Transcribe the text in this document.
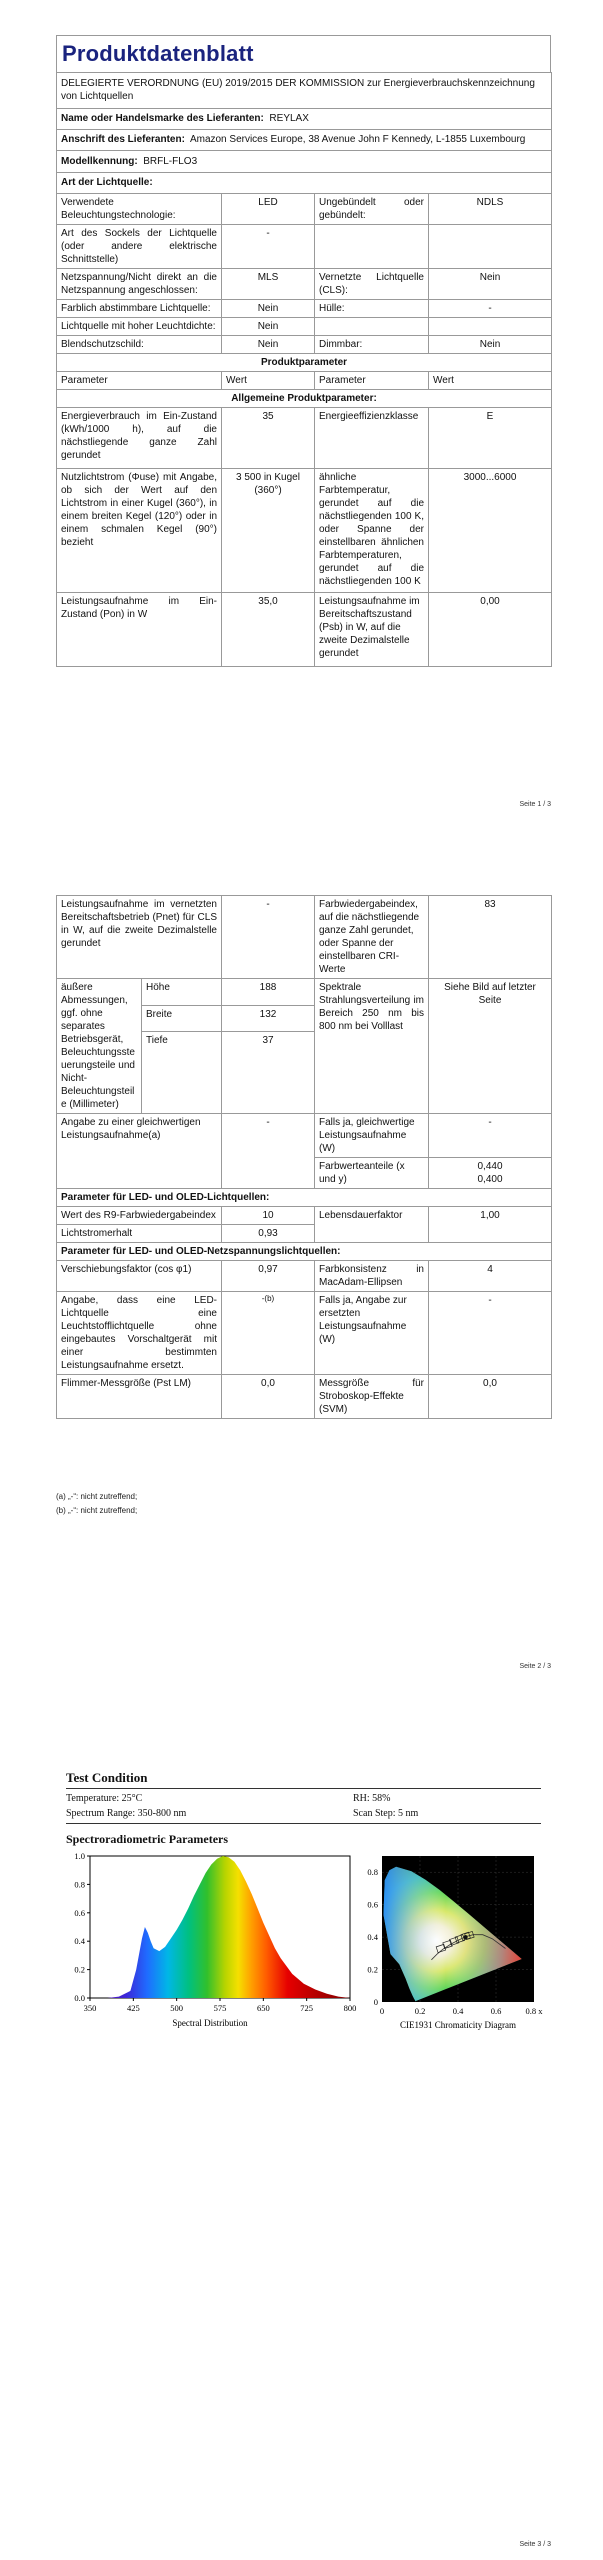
Produktdatenblatt
DELEGIERTE VERORDNUNG (EU) 2019/2015 DER KOMMISSION zur Energieverbrauchskennzeichnung von Lichtquellen			
Name oder Handelsmarke des Lieferanten: REYLAX			
Anschrift des Lieferanten: Amazon Services Europe, 38 Avenue John F Kennedy, L-1855 Luxembourg			
Modellkennung: BRFL-FLO3			
Art der Lichtquelle:			
Verwendete Beleuchtungstechnologie:	LED	Ungebündelt oder gebündelt:	NDLS
Art des Sockels der Lichtquelle (oder andere elektrische Schnittstelle)	-		
Netzspannung/Nicht direkt an die Netzspannung angeschlossen:	MLS	Vernetzte Lichtquelle (CLS):	Nein
Farblich abstimmbare Lichtquelle:	Nein	Hülle:	-
Lichtquelle mit hoher Leuchtdichte:	Nein		
Blendschutzschild:	Nein	Dimmbar:	Nein
Produktparameter			
Parameter	Wert	Parameter	Wert
Allgemeine Produktparameter:			
Energieverbrauch im Ein-Zustand (kWh/1000 h), auf die nächstliegende ganze Zahl gerundet	35	Energieeffizienzklasse	E
Nutzlichtstrom (Φuse) mit Angabe, ob sich der Wert auf den Lichtstrom in einer Kugel (360°), in einem breiten Kegel (120°) oder in einem schmalen Kegel (90°) bezieht	3 500 in Kugel (360°)	ähnliche Farbtemperatur, gerundet auf die nächstliegenden 100 K, oder Spanne der einstellbaren ähnlichen Farbtemperaturen, gerundet auf die nächstliegenden 100 K	3000...6000
Leistungsaufnahme im Ein-Zustand (Pon) in W	35,0	Leistungsaufnahme im Bereitschaftszustand (Psb) in W, auf die zweite Dezimalstelle gerundet	0,00
Seite 1 / 3
Leistungsaufnahme im vernetzten Bereitschaftsbetrieb (Pnet) für CLS in W, auf die zweite Dezimalstelle gerundet		-	Farbwiedergabeindex, auf die nächstliegende ganze Zahl gerundet, oder Spanne der einstellbaren CRI-Werte	83
äußere Abmessungen, ggf. ohne separates Betriebsgerät, Beleuchtungssteuerungsteile und Nicht-Beleuchtungsteile (Millimeter)	Höhe	188	Spektrale Strahlungsverteilung im Bereich 250 nm bis 800 nm bei Volllast	Siehe Bild auf letzter Seite
	Breite	132		
	Tiefe	37		
Angabe zu einer gleichwertigen Leistungsaufnahme(a)		-	Falls ja, gleichwertige Leistungsaufnahme (W)	-
			Farbwerteanteile (x und y)	0,440
0,400

Parameter für LED- und OLED-Lichtquellen:				
Wert des R9-Farbwiedergabeindex		10	Lebensdauerfaktor	1,00
Lichtstromerhalt		0,93		
Parameter für LED- und OLED-Netzspannungslichtquellen:				
Verschiebungsfaktor (cos φ1)		0,97	Farbkonsistenz in MacAdam-Ellipsen	4
Angabe, dass eine LED-Lichtquelle eine Leuchtstofflichtquelle ohne eingebautes Vorschaltgerät mit einer bestimmten Leistungsaufnahme ersetzt.		-(b)	Falls ja, Angabe zur ersetzten Leistungsaufnahme (W)	-
Flimmer-Messgröße (Pst LM)		0,0	Messgröße für Stroboskop-Effekte (SVM)	0,0
(a) „-“: nicht zutreffend;
(b) „-“: nicht zutreffend;
Seite 2 / 3
Test Condition
Temperature: 25°C	RH: 58%
Spectrum Range: 350-800 nm	Scan Step: 5 nm
Spectroradiometric Parameters
350	425	500	575	650	725	800
0.0
0.2
0.4
0.6
0.8
1.0
Spectral Distribution
0	0.2	0.4	0.6	0.8 x
0
0.2
0.4
0.6
0.8
CIE1931 Chromaticity Diagram
Seite 3 / 3
